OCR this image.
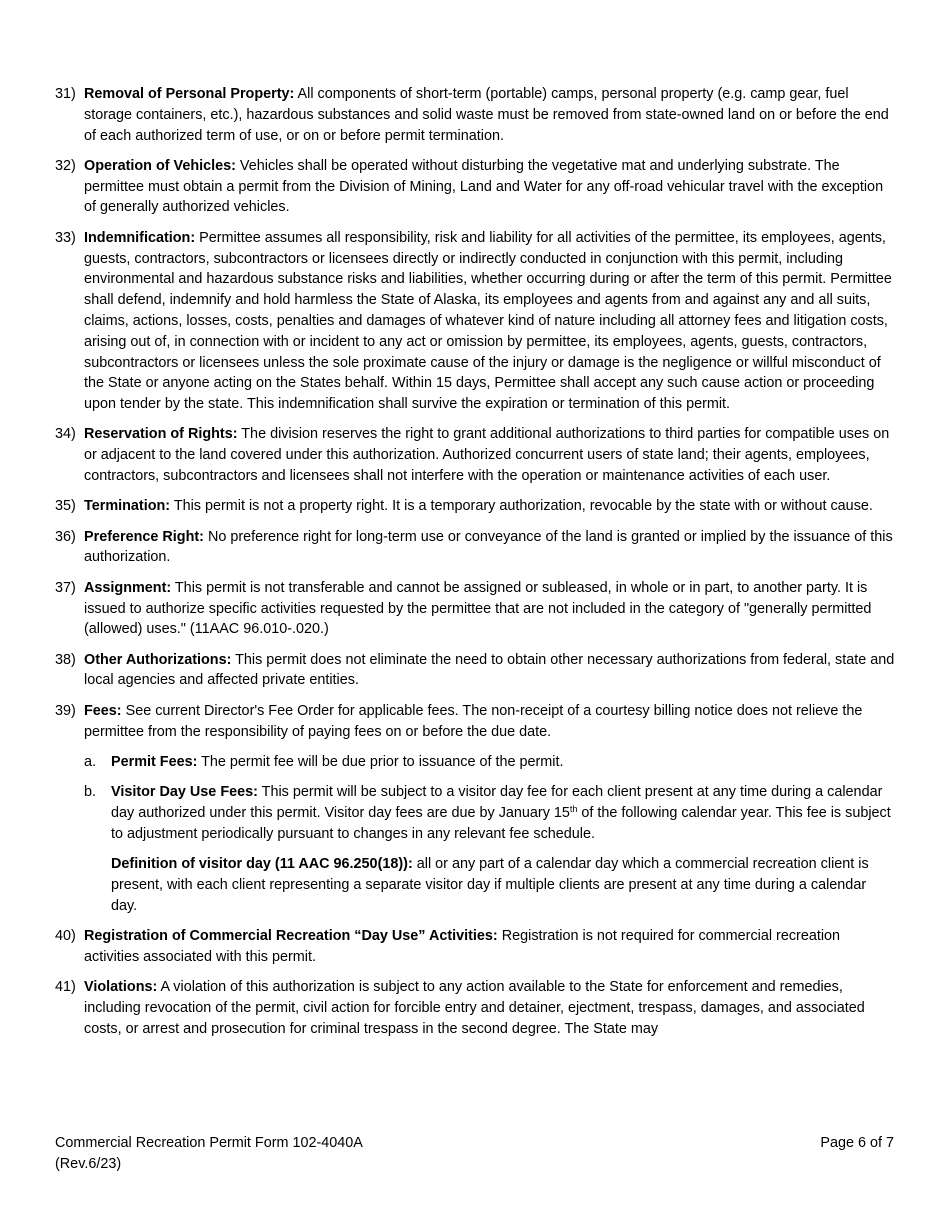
31) Removal of Personal Property: All components of short-term (portable) camps, personal property (e.g. camp gear, fuel storage containers, etc.), hazardous substances and solid waste must be removed from state-owned land on or before the end of each authorized term of use, or on or before permit termination.
32) Operation of Vehicles: Vehicles shall be operated without disturbing the vegetative mat and underlying substrate. The permittee must obtain a permit from the Division of Mining, Land and Water for any off-road vehicular travel with the exception of generally authorized vehicles.
33) Indemnification: Permittee assumes all responsibility, risk and liability for all activities of the permittee, its employees, agents, guests, contractors, subcontractors or licensees directly or indirectly conducted in conjunction with this permit, including environmental and hazardous substance risks and liabilities, whether occurring during or after the term of this permit. Permittee shall defend, indemnify and hold harmless the State of Alaska, its employees and agents from and against any and all suits, claims, actions, losses, costs, penalties and damages of whatever kind of nature including all attorney fees and litigation costs, arising out of, in connection with or incident to any act or omission by permittee, its employees, agents, guests, contractors, subcontractors or licensees unless the sole proximate cause of the injury or damage is the negligence or willful misconduct of the State or anyone acting on the States behalf. Within 15 days, Permittee shall accept any such cause action or proceeding upon tender by the state. This indemnification shall survive the expiration or termination of this permit.
34) Reservation of Rights: The division reserves the right to grant additional authorizations to third parties for compatible uses on or adjacent to the land covered under this authorization. Authorized concurrent users of state land; their agents, employees, contractors, subcontractors and licensees shall not interfere with the operation or maintenance activities of each user.
35) Termination: This permit is not a property right. It is a temporary authorization, revocable by the state with or without cause.
36) Preference Right: No preference right for long-term use or conveyance of the land is granted or implied by the issuance of this authorization.
37) Assignment: This permit is not transferable and cannot be assigned or subleased, in whole or in part, to another party. It is issued to authorize specific activities requested by the permittee that are not included in the category of "generally permitted (allowed) uses." (11AAC 96.010-.020.)
38) Other Authorizations: This permit does not eliminate the need to obtain other necessary authorizations from federal, state and local agencies and affected private entities.
39) Fees: See current Director's Fee Order for applicable fees. The non-receipt of a courtesy billing notice does not relieve the permittee from the responsibility of paying fees on or before the due date.
a. Permit Fees: The permit fee will be due prior to issuance of the permit.
b. Visitor Day Use Fees: This permit will be subject to a visitor day fee for each client present at any time during a calendar day authorized under this permit. Visitor day fees are due by January 15th of the following calendar year. This fee is subject to adjustment periodically pursuant to changes in any relevant fee schedule.
Definition of visitor day (11 AAC 96.250(18)): all or any part of a calendar day which a commercial recreation client is present, with each client representing a separate visitor day if multiple clients are present at any time during a calendar day.
40) Registration of Commercial Recreation “Day Use” Activities: Registration is not required for commercial recreation activities associated with this permit.
41) Violations: A violation of this authorization is subject to any action available to the State for enforcement and remedies, including revocation of the permit, civil action for forcible entry and detainer, ejectment, trespass, damages, and associated costs, or arrest and prosecution for criminal trespass in the second degree. The State may
Commercial Recreation Permit Form 102-4040A
(Rev.6/23)
Page 6 of 7
